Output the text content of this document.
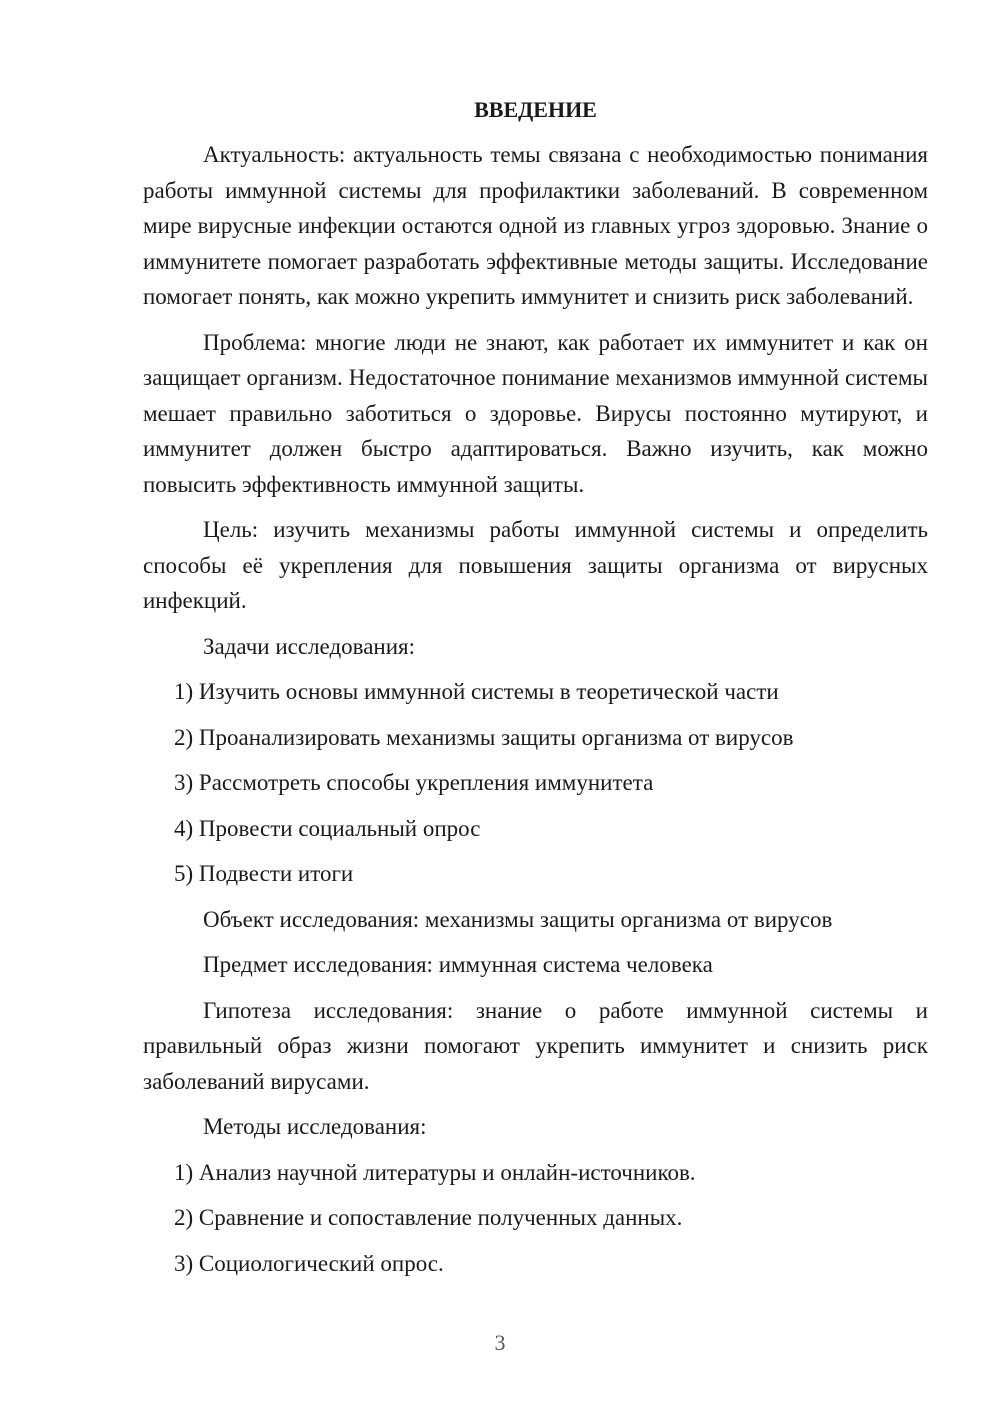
ВВЕДЕНИЕ

Актуальность: актуальность темы связана с необходимостью понимания работы иммунной системы для профилактики заболеваний. В современном мире вирусные инфекции остаются одной из главных угроз здоровью. Знание о иммунитете помогает разработать эффективные методы защиты. Исследование помогает понять, как можно укрепить иммунитет и снизить риск заболеваний.

Проблема: многие люди не знают, как работает их иммунитет и как он защищает организм. Недостаточное понимание механизмов иммунной системы мешает правильно заботиться о здоровье. Вирусы постоянно мутируют, и иммунитет должен быстро адаптироваться. Важно изучить, как можно повысить эффективность иммунной защиты.

Цель: изучить механизмы работы иммунной системы и определить способы её укрепления для повышения защиты организма от вирусных инфекций.

Задачи исследования:

1) Изучить основы иммунной системы в теоретической части
2) Проанализировать механизмы защиты организма от вирусов
3) Рассмотреть способы укрепления иммунитета
4) Провести социальный опрос
5) Подвести итоги

Объект исследования: механизмы защиты организма от вирусов

Предмет исследования: иммунная система человека

Гипотеза исследования: знание о работе иммунной системы и правильный образ жизни помогают укрепить иммунитет и снизить риск заболеваний вирусами.

Методы исследования:

1) Анализ научной литературы и онлайн-источников.
2) Сравнение и сопоставление полученных данных.
3) Социологический опрос.
3
